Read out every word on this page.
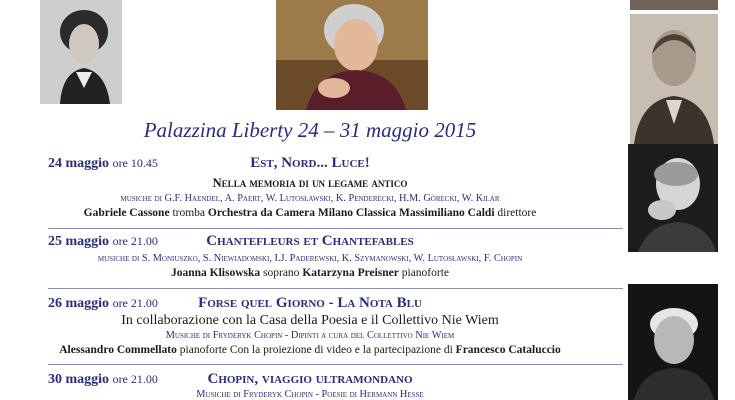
Palazzina Liberty 24 – 31 maggio 2015
24 maggio ore 10.45	Est, Nord... Luce!
Nella memoria di un legame antico
musiche di G.F. Haendel, A. Paert, W. Lutosławski, K. Penderecki, H.M. Gòrecki, W. Kilar
Gabriele Cassone tromba Orchestra da Camera Milano Classica Massimiliano Caldi direttore
25 maggio ore 21.00	Chantefleurs et Chantefables
musiche di S. Moniuszko, S. Niewiadomski, I.J. Paderewski, K. Szymanowski, W. Lutosławski, F. Chopin
Joanna Klisowska soprano Katarzyna Preisner pianoforte
26 maggio ore 21.00	Forse quel Giorno - La Nota Blu
In collaborazione con la Casa della Poesia e il Collettivo Nie Wiem
Musiche di Fryderyk Chopin - Dipinti a cura del Collettivo Nie Wiem
Alessandro Commellato pianoforte Con la proiezione di video e la partecipazione di Francesco Cataluccio
30 maggio ore 21.00	Chopin, viaggio ultramondano
Musiche di Fryderyk Chopin - Poesie di Hermann Hesse
